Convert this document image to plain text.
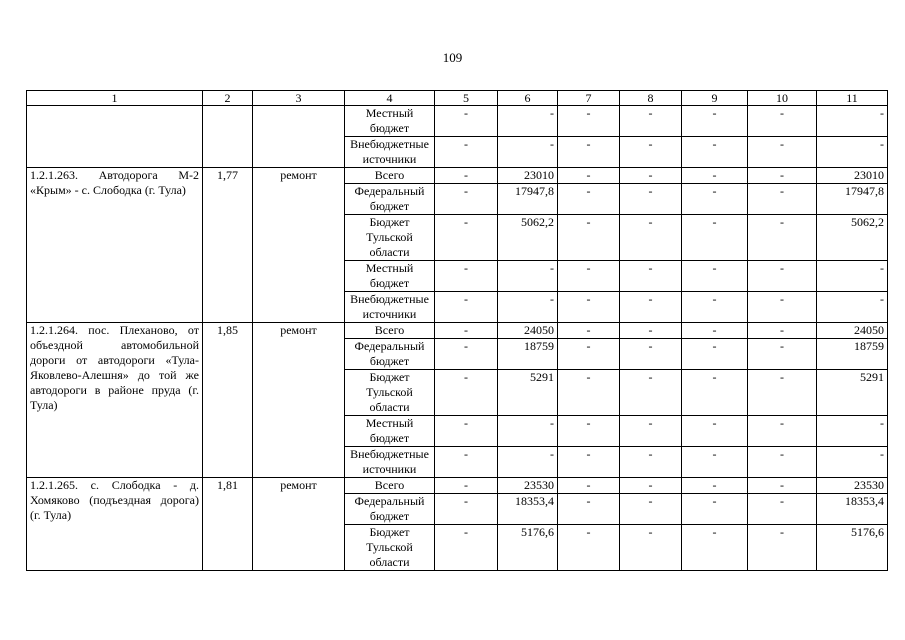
109
1	2	3	4	5	6	7	8	9	10	11
			Местный бюджет	-	-	-	-	-	-	-
			Внебюджетные источники	-	-	-	-	-	-	-
1.2.1.263. Автодорога М-2 «Крым» - с. Слободка (г. Тула)	1,77	ремонт	Всего	-	23010	-	-	-	-	23010
			Федеральный бюджет	-	17947,8	-	-	-	-	17947,8
			Бюджет Тульской области	-	5062,2	-	-	-	-	5062,2
			Местный бюджет	-	-	-	-	-	-	-
			Внебюджетные источники	-	-	-	-	-	-	-
1.2.1.264. пос. Плеханово, от объездной автомобильной дороги от автодороги «Тула-Яковлево-Алешня» до той же автодороги в районе пруда (г. Тула)	1,85	ремонт	Всего	-	24050	-	-	-	-	24050
			Федеральный бюджет	-	18759	-	-	-	-	18759
			Бюджет Тульской области	-	5291	-	-	-	-	5291
			Местный бюджет	-	-	-	-	-	-	-
			Внебюджетные источники	-	-	-	-	-	-	-
1.2.1.265. с. Слободка - д. Хомяково (подъездная дорога) (г. Тула)	1,81	ремонт	Всего	-	23530	-	-	-	-	23530
			Федеральный бюджет	-	18353,4	-	-	-	-	18353,4
			Бюджет Тульской области	-	5176,6	-	-	-	-	5176,6
